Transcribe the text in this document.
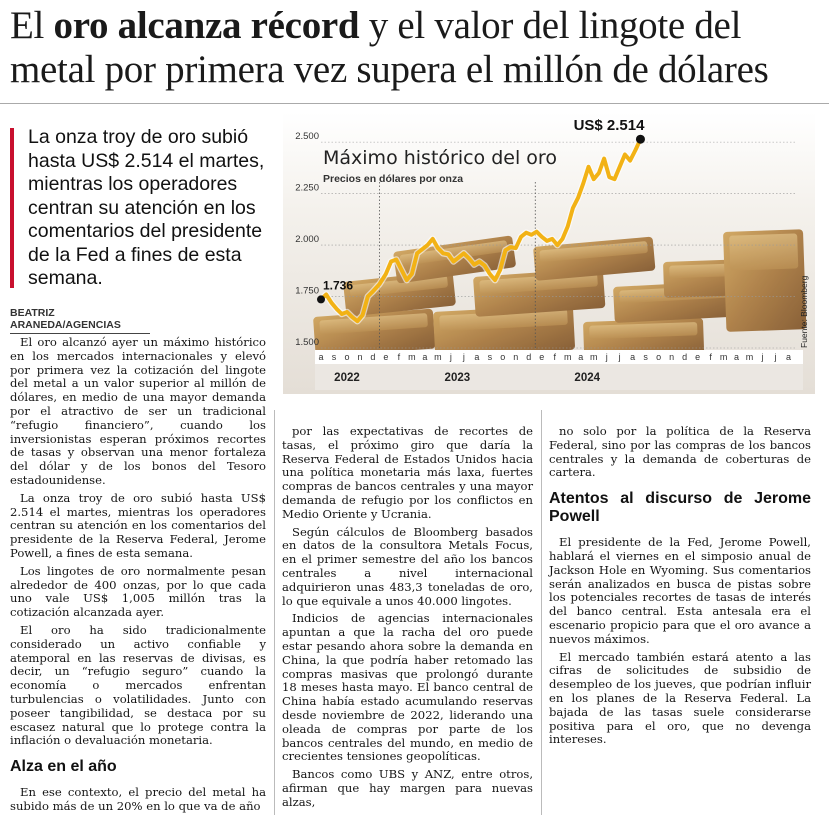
El oro alcanza récord y el valor del lingote del metal por primera vez supera el millón de dólares
La onza troy de oro subió hasta US$ 2.514 el martes, mientras los operadores centran su atención en los comentarios del presidente de la Fed a fines de esta semana.
BEATRIZ ARANEDA/AGENCIAS
1.500
1.750
2.000
2.250
2.500
1.736
US$ 2.514
a s o n d e f m a m j j a s o n d e f m a m j j a s o n d e f m a m j j a
2022	2023	2024
Máximo histórico del oro
Precios en dólares por onza
Fuente: Bloomberg

El oro alcanzó ayer un máximo histórico en los mercados internacionales y elevó por primera vez la cotización del lingote del metal a un valor superior al millón de dólares, en medio de una mayor demanda por el atractivo de ser un tradicional “refugio financiero”, cuando los inversionistas esperan próximos recortes de tasas y observan una menor fortaleza del dólar y de los bonos del Tesoro estadounidense.

La onza troy de oro subió hasta US$ 2.514 el martes, mientras los operadores centran su atención en los comentarios del presidente de la Reserva Federal, Jerome Powell, a fines de esta semana.

Los lingotes de oro normalmente pesan alrededor de 400 onzas, por lo que cada uno vale US$ 1,005 millón tras la cotización alcanzada ayer.

El oro ha sido tradicionalmente considerado un activo confiable y atemporal en las reservas de divisas, es decir, un “refugio seguro” cuando la economía o mercados enfrentan turbulencias o volatilidades. Junto con poseer tangibilidad, se destaca por su escasez natural que lo protege contra la inflación o devaluación monetaria.

Alza en el año

En ese contexto, el precio del metal ha subido más de un 20% en lo que va de año

por las expectativas de recortes de tasas, el próximo giro que daría la Reserva Federal de Estados Unidos hacia una política monetaria más laxa, fuertes compras de bancos centrales y una mayor demanda de refugio por los conflictos en Medio Oriente y Ucrania.

Según cálculos de Bloomberg basados en datos de la consultora Metals Focus, en el primer semestre del año los bancos centrales a nivel internacional adquirieron unas 483,3 toneladas de oro, lo que equivale a unos 40.000 lingotes.

Indicios de agencias internacionales apuntan a que la racha del oro puede estar pesando ahora sobre la demanda en China, la que podría haber retomado las compras masivas que prolongó durante 18 meses hasta mayo. El banco central de China había estado acumulando reservas desde noviembre de 2022, liderando una oleada de compras por parte de los bancos centrales del mundo, en medio de crecientes tensiones geopolíticas.

Bancos como UBS y ANZ, entre otros, afirman que hay margen para nuevas alzas,

no solo por la política de la Reserva Federal, sino por las compras de los bancos centrales y la demanda de coberturas de cartera.

Atentos al discurso de Jerome Powell

El presidente de la Fed, Jerome Powell, hablará el viernes en el simposio anual de Jackson Hole en Wyoming. Sus comentarios serán analizados en busca de pistas sobre los potenciales recortes de tasas de interés del banco central. Esta antesala era el escenario propicio para que el oro avance a nuevos máximos.

El mercado también estará atento a las cifras de solicitudes de subsidio de desempleo de los jueves, que podrían influir en los planes de la Reserva Federal. La bajada de las tasas suele considerarse positiva para el oro, que no devenga intereses.
